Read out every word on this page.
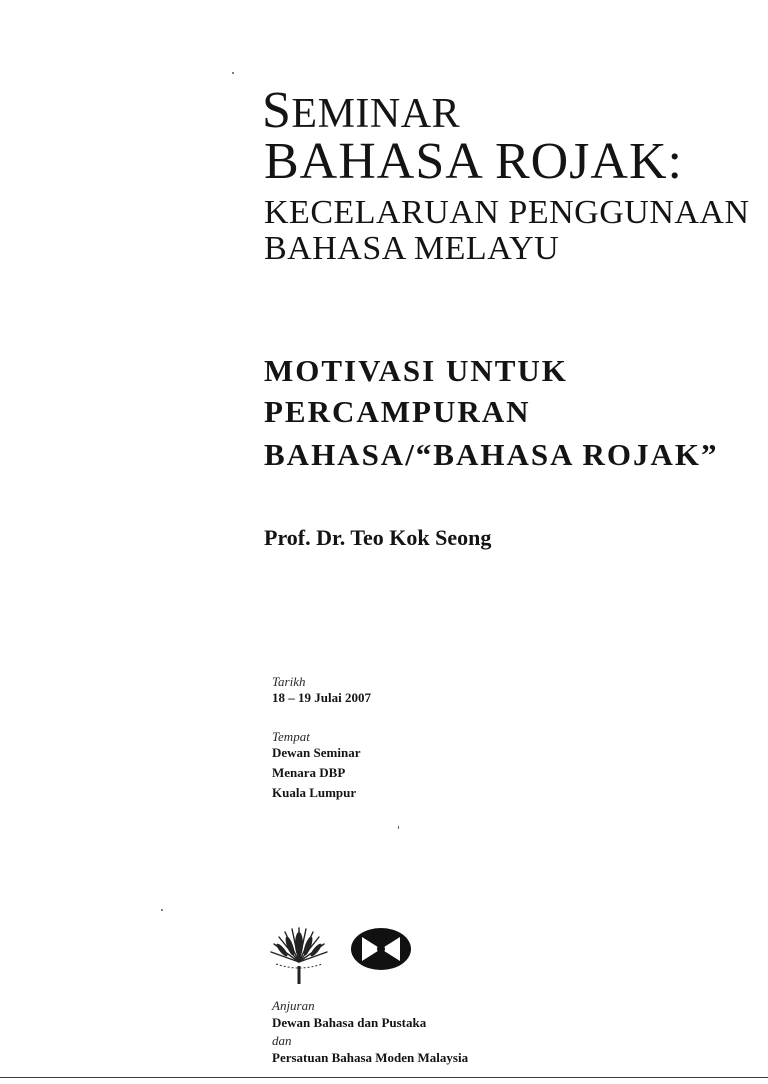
SEMINAR
BAHASA ROJAK:
KECELARUAN PENGGUNAAN
BAHASA MELAYU
MOTIVASI UNTUK
PERCAMPURAN
BAHASA/“BAHASA ROJAK”
Prof. Dr. Teo Kok Seong
Tarikh
18 – 19 Julai 2007
Tempat
Dewan Seminar
Menara DBP
Kuala Lumpur
Anjuran
Dewan Bahasa dan Pustaka
dan
Persatuan Bahasa Moden Malaysia
